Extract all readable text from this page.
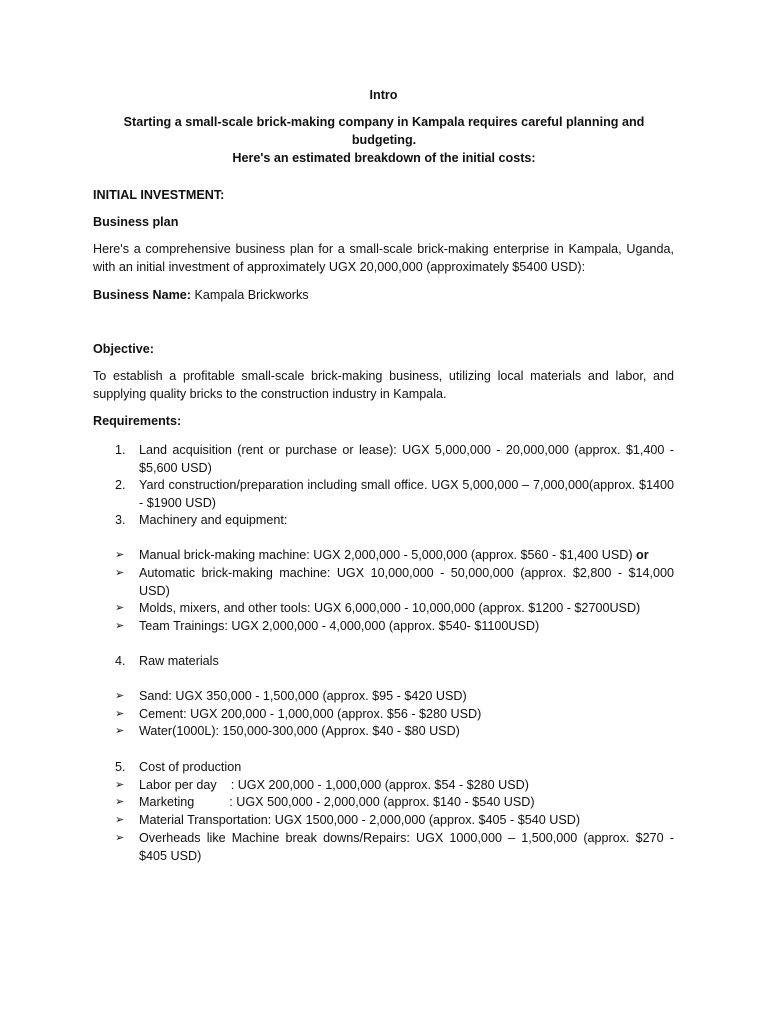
Intro
Starting a small-scale brick-making company in Kampala requires careful planning and budgeting.
Here's an estimated breakdown of the initial costs:
INITIAL INVESTMENT:
Business plan
Here's a comprehensive business plan for a small-scale brick-making enterprise in Kampala, Uganda, with an initial investment of approximately UGX 20,000,000 (approximately $5400 USD):
Business Name: Kampala Brickworks
Objective:
To establish a profitable small-scale brick-making business, utilizing local materials and labor, and supplying quality bricks to the construction industry in Kampala.
Requirements:
1. Land acquisition (rent or purchase or lease): UGX 5,000,000 - 20,000,000 (approx. $1,400 - $5,600 USD)
2. Yard construction/preparation including small office. UGX 5,000,000 – 7,000,000(approx. $1400 - $1900 USD)
3. Machinery and equipment:
➢ Manual brick-making machine: UGX 2,000,000 - 5,000,000 (approx. $560 - $1,400 USD) or
➢ Automatic brick-making machine: UGX 10,000,000 - 50,000,000 (approx. $2,800 - $14,000 USD)
➢ Molds, mixers, and other tools: UGX 6,000,000 - 10,000,000 (approx. $1200 - $2700USD)
➢ Team Trainings: UGX 2,000,000 - 4,000,000 (approx. $540- $1100USD)
4. Raw materials
➢ Sand: UGX 350,000 - 1,500,000 (approx. $95 - $420 USD)
➢ Cement: UGX 200,000 - 1,000,000 (approx. $56 - $280 USD)
➢ Water(1000L): 150,000-300,000 (Approx. $40 - $80 USD)
5. Cost of production
➢ Labor per day    : UGX 200,000 - 1,000,000 (approx. $54 - $280 USD)
➢ Marketing          : UGX 500,000 - 2,000,000 (approx. $140 - $540 USD)
➢ Material Transportation: UGX 1500,000 - 2,000,000 (approx. $405 - $540 USD)
➢ Overheads like Machine break downs/Repairs: UGX 1000,000 – 1,500,000 (approx. $270 - $405 USD)
